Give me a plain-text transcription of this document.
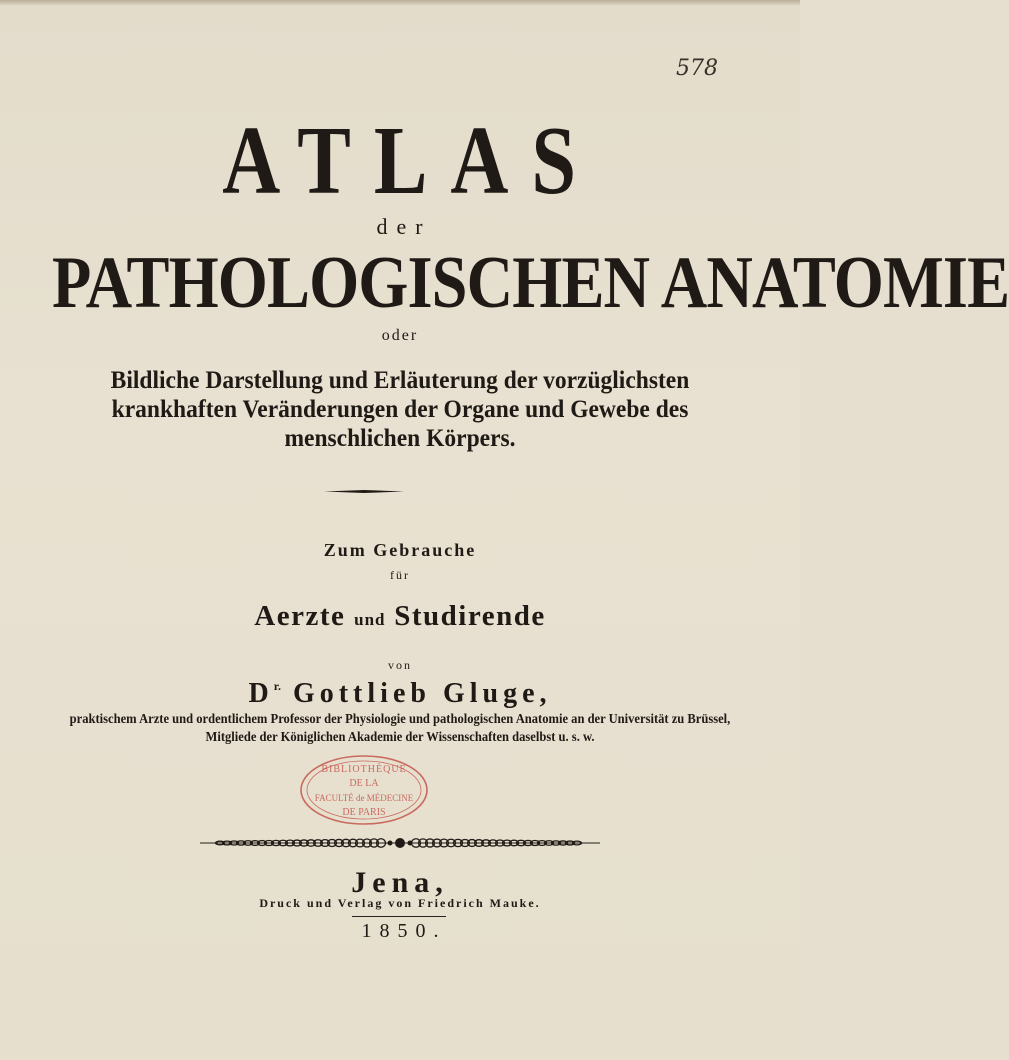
578
ATLAS
der
PATHOLOGISCHEN ANATOMIE
oder
Bildliche Darstellung und Erläuterung der vorzüglichsten
krankhaften Veränderungen der Organe und Gewebe des
menschlichen Körpers.
Zum Gebrauche
für
Aerzte und Studirende
von
$D^{r.}$ Gottlieb Gluge,
praktischem Arzte und ordentlichem Professor der Physiologie und pathologischen Anatomie an der Universität zu Brüssel,
Mitgliede der Königlichen Akademie der Wissenschaften daselbst u. s. w.
BIBLIOTHÈQUE
DE LA
FACULTÉ de MÉDECINE
DE PARIS
Jena,
Druck und Verlag von Friedrich Mauke.
1850.
